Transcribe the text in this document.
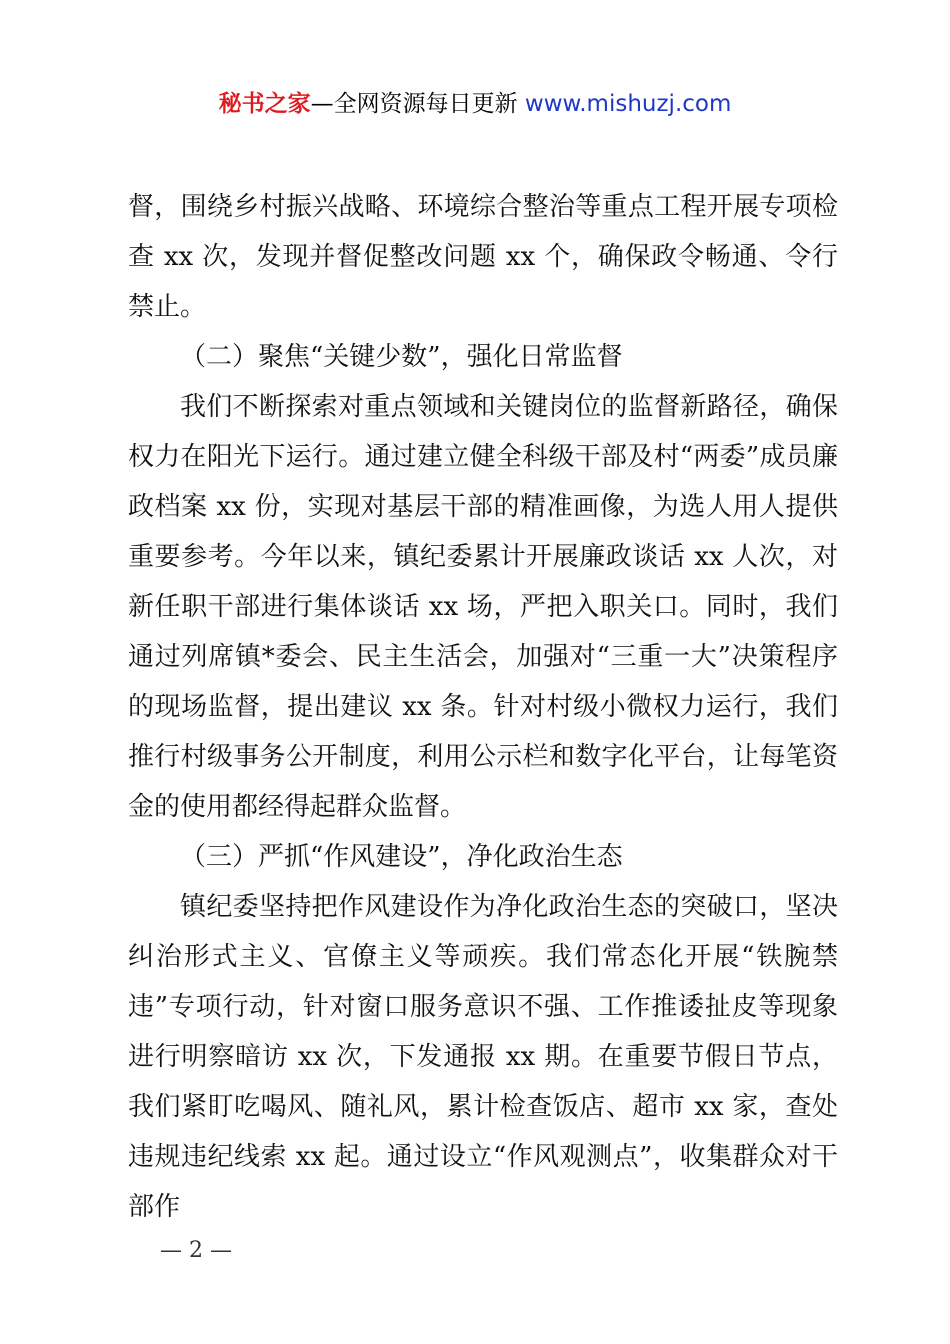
秘书之家—全网资源每日更新 www.mishuzj.com

督，围绕乡村振兴战略、环境综合整治等重点工程开展专项检查 xx 次，发现并督促整改问题 xx 个，确保政令畅通、令行禁止。

（二）聚焦“关键少数”，强化日常监督

我们不断探索对重点领域和关键岗位的监督新路径，确保权力在阳光下运行。通过建立健全科级干部及村“两委”成员廉政档案 xx 份，实现对基层干部的精准画像，为选人用人提供重要参考。今年以来，镇纪委累计开展廉政谈话 xx 人次，对新任职干部进行集体谈话 xx 场，严把入职关口。同时，我们通过列席镇*委会、民主生活会，加强对“三重一大”决策程序的现场监督，提出建议 xx 条。针对村级小微权力运行，我们推行村级事务公开制度，利用公示栏和数字化平台，让每笔资金的使用都经得起群众监督。

（三）严抓“作风建设”，净化政治生态

镇纪委坚持把作风建设作为净化政治生态的突破口，坚决纠治形式主义、官僚主义等顽疾。我们常态化开展“铁腕禁违”专项行动，针对窗口服务意识不强、工作推诿扯皮等现象进行明察暗访 xx 次，下发通报 xx 期。在重要节假日节点，我们紧盯吃喝风、随礼风，累计检查饭店、超市 xx 家，查处违规违纪线索 xx 起。通过设立“作风观测点”，收集群众对干部作

— 2 —
